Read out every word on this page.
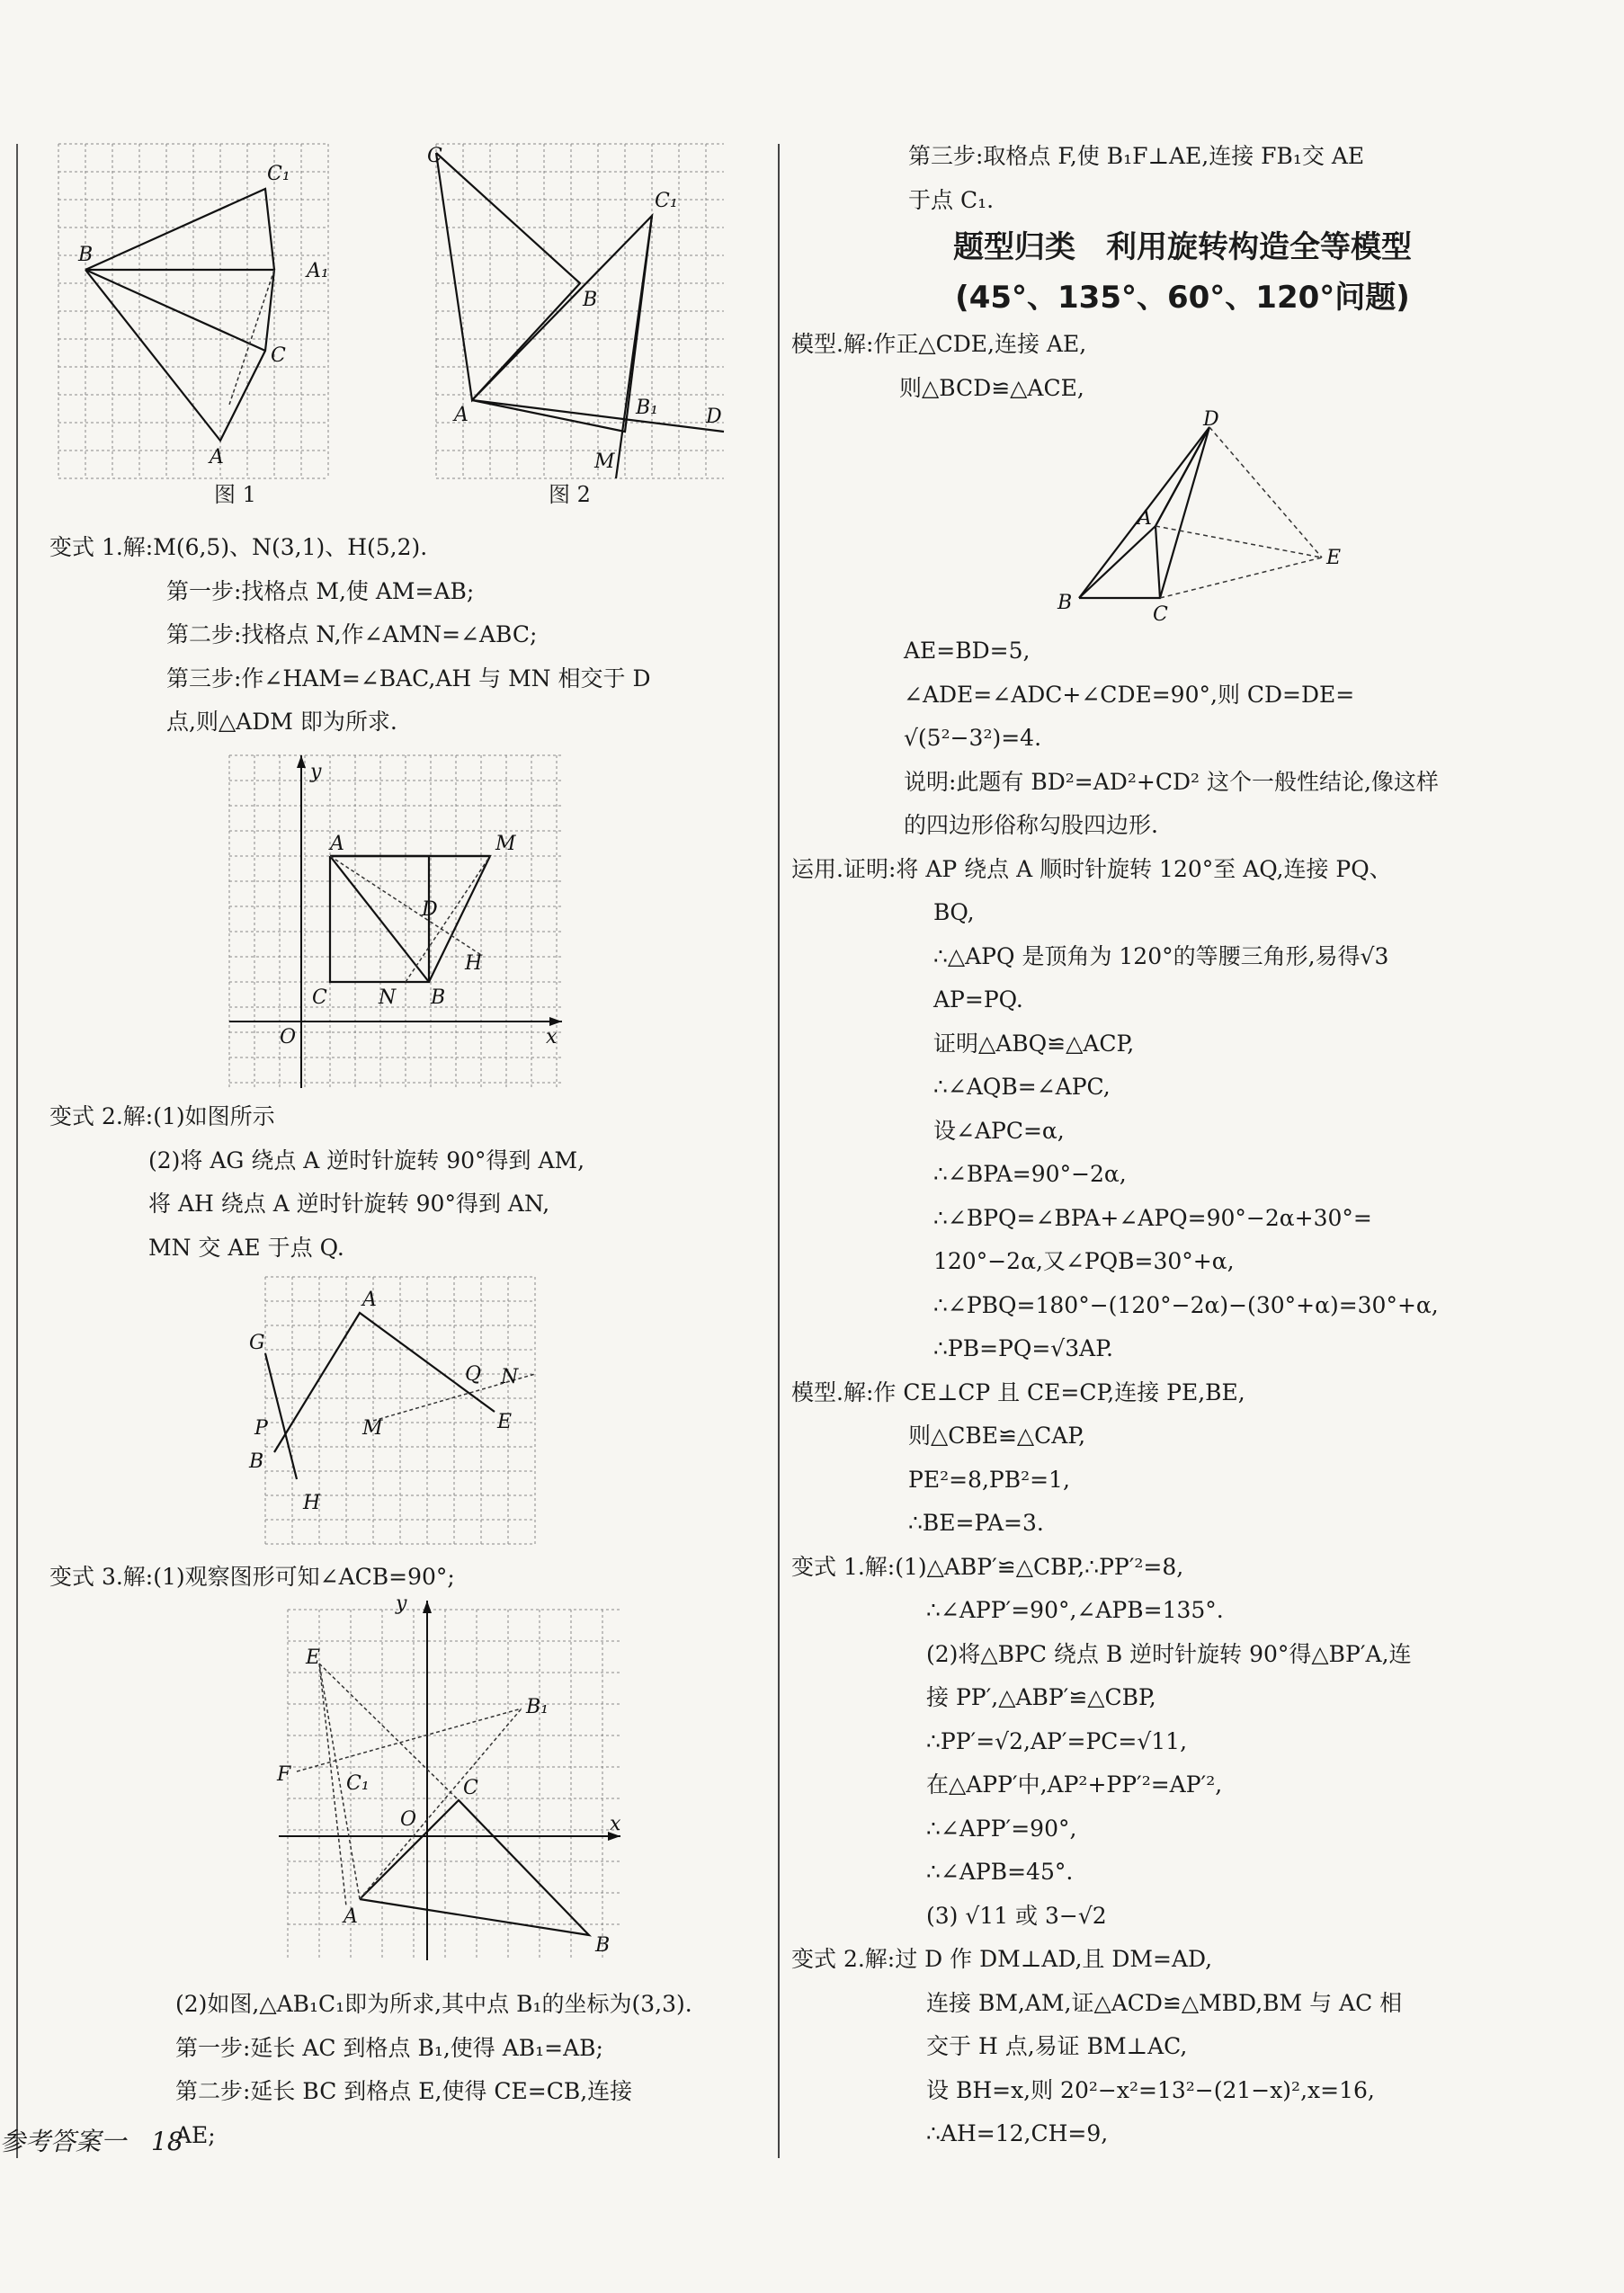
B
C₁
A₁
C
A
图 1
C
C₁
B
A	B₁ D
M
图 2
变式 1.解:M(6,5)、N(3,1)、H(5,2).
第一步:找格点 M,使 AM=AB;
第二步:找格点 N,作∠AMN=∠ABC;
第三步:作∠HAM=∠BAC,AH 与 MN 相交于 D
点,则△ADM 即为所求.
y
x
O
A	M
D
H
C	N B
变式 2.解:(1)如图所示
(2)将 AG 绕点 A 逆时针旋转 90°得到 AM,
将 AH 绕点 A 逆时针旋转 90°得到 AN,
MN 交 AE 于点 Q.
G
A
P
B
H
M
Q N
E
变式 3.解:(1)观察图形可知∠ACB=90°;
y
x
O
E
B₁
F	C₁	C
A
B
(2)如图,△AB₁C₁即为所求,其中点 B₁的坐标为(3,3).
第一步:延长 AC 到格点 B₁,使得 AB₁=AB;
第二步:延长 BC 到格点 E,使得 CE=CB,连接
AE;
参考答案一　18
第三步:取格点 F,使 B₁F⊥AE,连接 FB₁交 AE
于点 C₁.
题型归类　利用旋转构造全等模型
(45°、135°、60°、120°问题)
模型.解:作正△CDE,连接 AE,
则△BCD≌△ACE,
D
A
E
B
C
AE=BD=5,
∠ADE=∠ADC+∠CDE=90°,则 CD=DE=
√(5²−3²)=4.
说明:此题有 BD²=AD²+CD² 这个一般性结论,像这样
的四边形俗称勾股四边形.
运用.证明:将 AP 绕点 A 顺时针旋转 120°至 AQ,连接 PQ、
BQ,
∴△APQ 是顶角为 120°的等腰三角形,易得√3
AP=PQ.
证明△ABQ≌△ACP,
∴∠AQB=∠APC,
设∠APC=α,
∴∠BPA=90°−2α,
∴∠BPQ=∠BPA+∠APQ=90°−2α+30°=
120°−2α,又∠PQB=30°+α,
∴∠PBQ=180°−(120°−2α)−(30°+α)=30°+α,
∴PB=PQ=√3AP.
模型.解:作 CE⊥CP 且 CE=CP,连接 PE,BE,
则△CBE≌△CAP,
PE²=8,PB²=1,
∴BE=PA=3.
变式 1.解:(1)△ABP′≌△CBP,∴PP′²=8,
∴∠APP′=90°,∠APB=135°.
(2)将△BPC 绕点 B 逆时针旋转 90°得△BP′A,连
接 PP′,△ABP′≌△CBP,
∴PP′=√2,AP′=PC=√11,
在△APP′中,AP²+PP′²=AP′²,
∴∠APP′=90°,
∴∠APB=45°.
(3) √11 或 3−√2
变式 2.解:过 D 作 DM⊥AD,且 DM=AD,
连接 BM,AM,证△ACD≌△MBD,BM 与 AC 相
交于 H 点,易证 BM⊥AC,
设 BH=x,则 20²−x²=13²−(21−x)²,x=16,
∴AH=12,CH=9,
